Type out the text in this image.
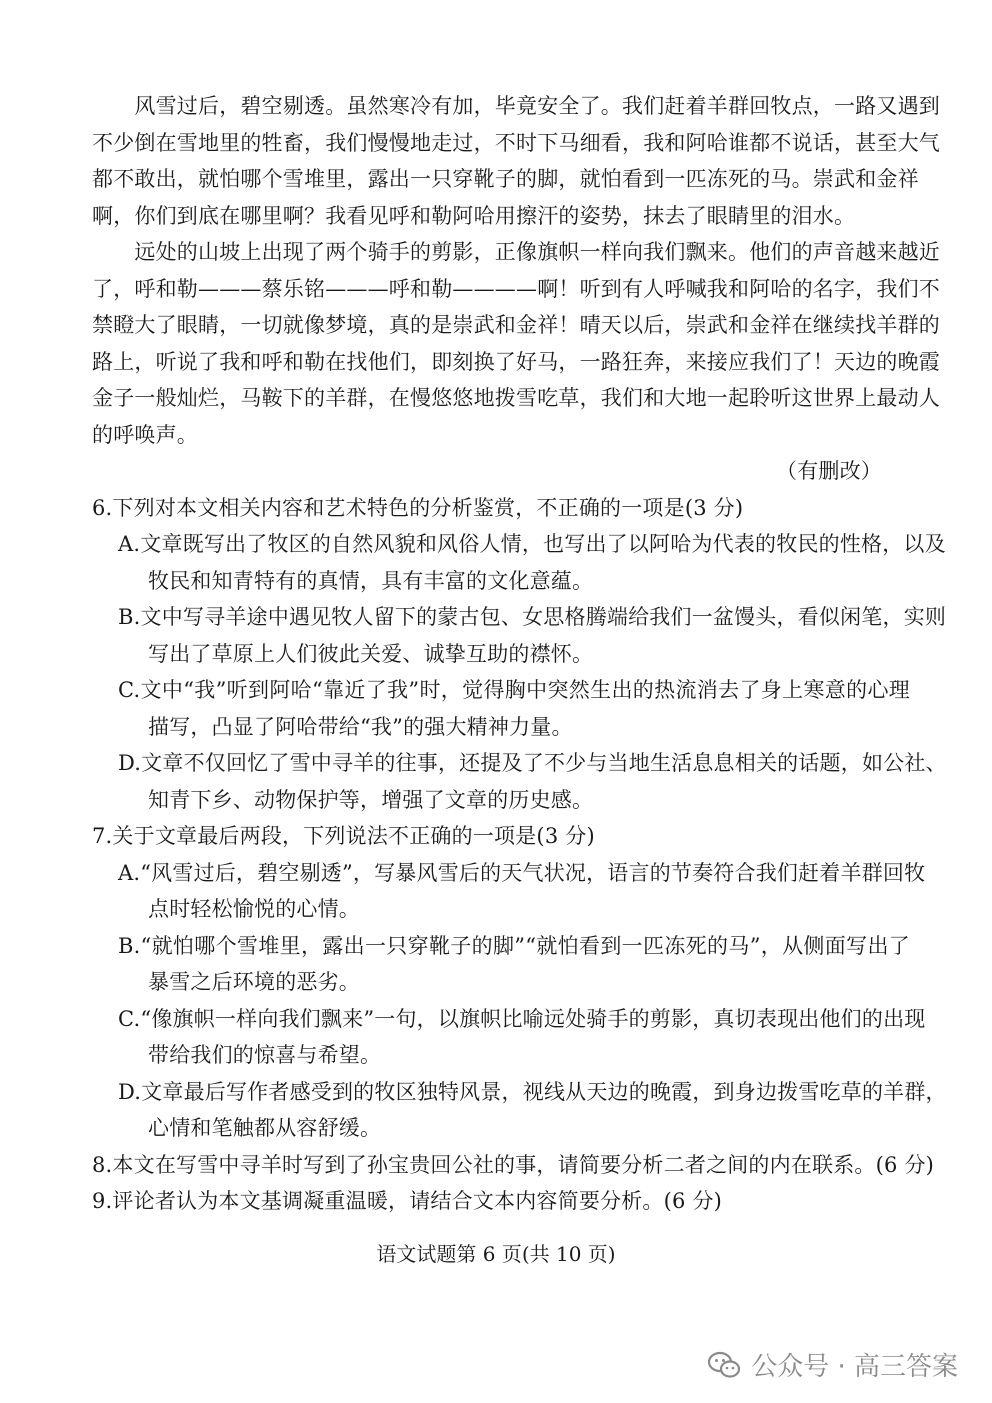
　　风雪过后，碧空剔透。虽然寒冷有加，毕竟安全了。我们赶着羊群回牧点，一路又遇到
不少倒在雪地里的牲畜，我们慢慢地走过，不时下马细看，我和阿哈谁都不说话，甚至大气
都不敢出，就怕哪个雪堆里，露出一只穿靴子的脚，就怕看到一匹冻死的马。崇武和金祥
啊，你们到底在哪里啊？我看见呼和勒阿哈用擦汗的姿势，抹去了眼睛里的泪水。
　　远处的山坡上出现了两个骑手的剪影，正像旗帜一样向我们飘来。他们的声音越来越近
了，呼和勒———蔡乐铭———呼和勒————啊！听到有人呼喊我和阿哈的名字，我们不
禁瞪大了眼睛，一切就像梦境，真的是崇武和金祥！晴天以后，崇武和金祥在继续找羊群的
路上，听说了我和呼和勒在找他们，即刻换了好马，一路狂奔，来接应我们了！天边的晚霞
金子一般灿烂，马鞍下的羊群，在慢悠悠地拨雪吃草，我们和大地一起聆听这世界上最动人
的呼唤声。
（有删改）
6.下列对本文相关内容和艺术特色的分析鉴赏，不正确的一项是(3 分)
A.文章既写出了牧区的自然风貌和风俗人情，也写出了以阿哈为代表的牧民的性格，以及
牧民和知青特有的真情，具有丰富的文化意蕴。
B.文中写寻羊途中遇见牧人留下的蒙古包、女思格腾端给我们一盆馒头，看似闲笔，实则
写出了草原上人们彼此关爱、诚挚互助的襟怀。
C.文中“我”听到阿哈“靠近了我”时，觉得胸中突然生出的热流消去了身上寒意的心理
描写，凸显了阿哈带给“我”的强大精神力量。
D.文章不仅回忆了雪中寻羊的往事，还提及了不少与当地生活息息相关的话题，如公社、
知青下乡、动物保护等，增强了文章的历史感。
7.关于文章最后两段，下列说法不正确的一项是(3 分)
A.“风雪过后，碧空剔透”，写暴风雪后的天气状况，语言的节奏符合我们赶着羊群回牧
点时轻松愉悦的心情。
B.“就怕哪个雪堆里，露出一只穿靴子的脚”“就怕看到一匹冻死的马”，从侧面写出了
暴雪之后环境的恶劣。
C.“像旗帜一样向我们飘来”一句，以旗帜比喻远处骑手的剪影，真切表现出他们的出现
带给我们的惊喜与希望。
D.文章最后写作者感受到的牧区独特风景，视线从天边的晚霞，到身边拨雪吃草的羊群，
心情和笔触都从容舒缓。
8.本文在写雪中寻羊时写到了孙宝贵回公社的事，请简要分析二者之间的内在联系。(6 分)
9.评论者认为本文基调凝重温暖，请结合文本内容简要分析。(6 分)
语文试题第 6 页(共 10 页)
公众号 · 高三答案
